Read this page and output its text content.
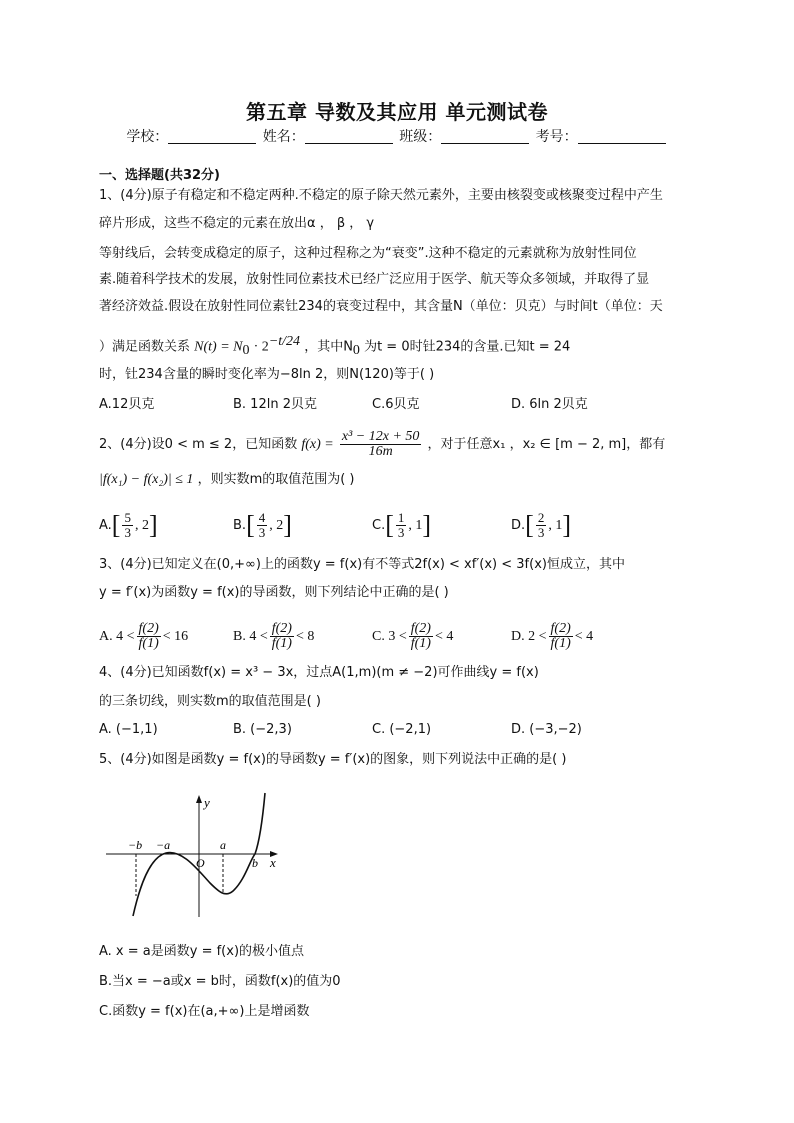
第五章 导数及其应用 单元测试卷
学校：	姓名：	班级：	考号：
一、选择题(共32分)
1、(4分)原子有稳定和不稳定两种.不稳定的原子除天然元素外，主要由核裂变或核聚变过程中产生
碎片形成，这些不稳定的元素在放出α ， β ， γ
等射线后，会转变成稳定的原子，这种过程称之为“衰变”.这种不稳定的元素就称为放射性同位
素.随着科学技术的发展，放射性同位素技术已经广泛应用于医学、航天等众多领域，并取得了显
著经济效益.假设在放射性同位素钍234的衰变过程中，其含量N（单位：贝克）与时间t（单位：天
）满足函数关系 $N(t) = N_0 \cdot 2^{-t/24}$ ，其中$N_0$ 为t = 0时钍234的含量.已知t = 24
时，钍234含量的瞬时变化率为−8ln 2，则N(120)等于( )
A.12贝克	B. 12ln 2贝克	C.6贝克	D. 6ln 2贝克
2、(4分)设0 < m ≤ 2，已知函数 $f(x) = \frac{\text{x³ − 12x + 50}}{16m}$ ，对于任意x₁ ，x₂ ∈ [m − 2, m]，都有
|f(x₁) − f(x₂)| ≤ 1 ，则实数m的取值范围为( )
$A.[ \frac{5}{3}$ , 2]	$B.[ \frac{4}{3}$ , 2]	$C.[ \frac{1}{3}$ , 1]	$D.[ \frac{2}{3}$ , 1]
3、(4分)已知定义在(0,+∞)上的函数y = f(x)有不等式2f(x) < xf′(x) < 3f(x)恒成立，其中
y = f′(x)为函数y = f(x)的导函数，则下列结论中正确的是( )
A. $4 < \frac{f(2)}{f(1)} < 16$	B. $4 < \frac{f(2)}{f(1)} < 8$	C. $3 < \frac{f(2)}{f(1)} < 4$	D. $2 < \frac{f(2)}{f(1)} < 4$
4、(4分)已知函数f(x) = x³ − 3x，过点A(1,m)(m ≠ −2)可作曲线y = f(x)
的三条切线，则实数m的取值范围是( )
A. (−1,1)	B. (−2,3)	C. (−2,1)	D. (−3,−2)
5、(4分)如图是函数y = f(x)的导函数y = f′(x)的图象，则下列说法中正确的是( )
y
x
O
−b −a	a
b
A. x = a是函数y = f(x)的极小值点
B.当x = −a或x = b时，函数f(x)的值为0
C.函数y = f(x)在(a,+∞)上是增函数
